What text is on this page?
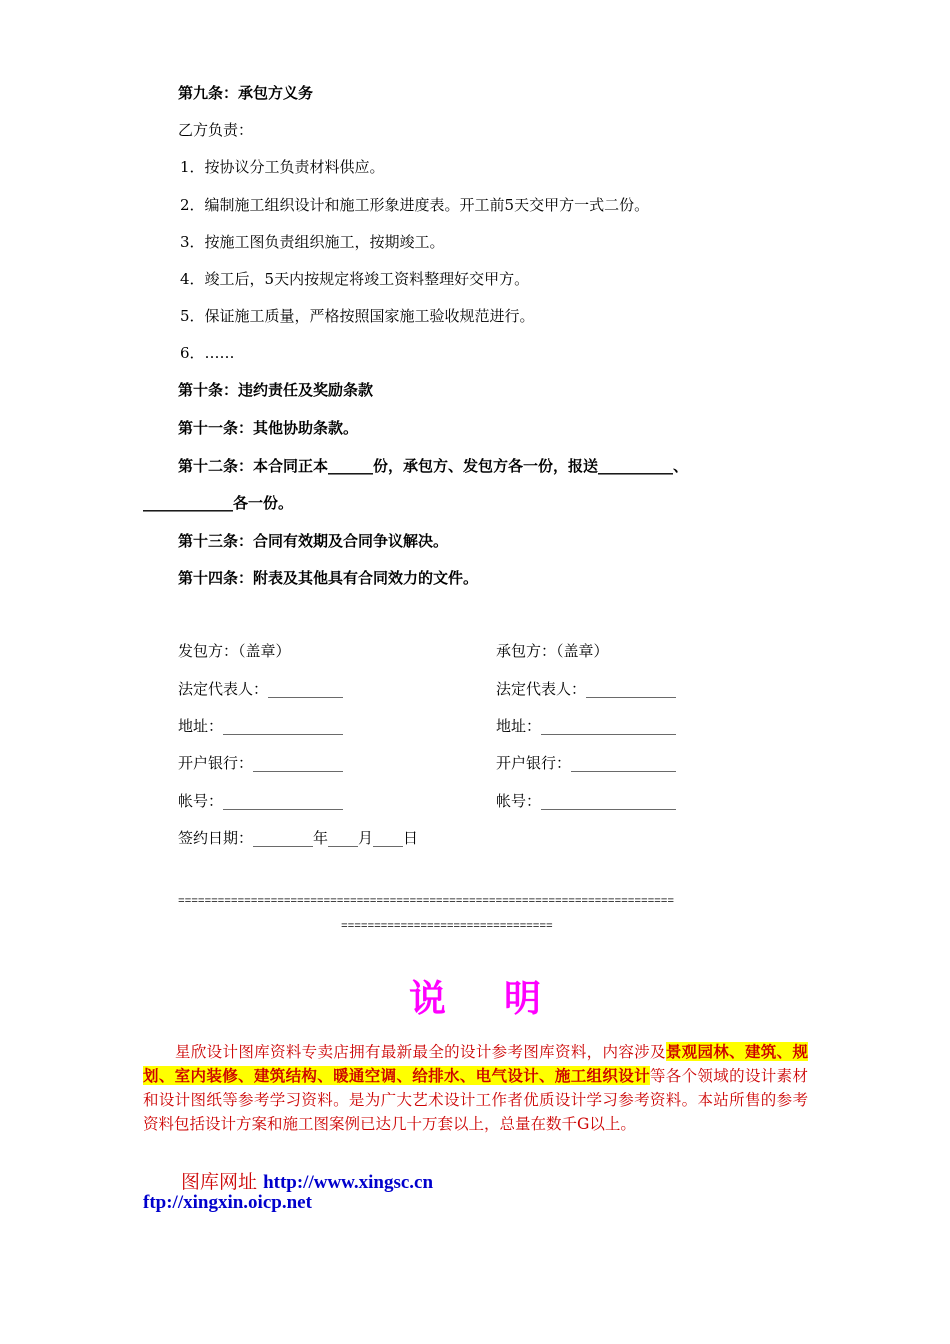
第九条：承包方义务
乙方负责：
1．按协议分工负责材料供应。
2．编制施工组织设计和施工形象进度表。开工前5天交甲方一式二份。
3．按施工图负责组织施工，按期竣工。
4．竣工后，5天内按规定将竣工资料整理好交甲方。
5．保证施工质量，严格按照国家施工验收规范进行。
6．……
第十条：违约责任及奖励条款
第十一条：其他协助条款。
第十二条：本合同正本______份，承包方、发包方各一份，报送__________、
____________各一份。
第十三条：合同有效期及合同争议解决。
第十四条：附表及其他具有合同效力的文件。
发包方：（盖章）
法定代表人：__________
地址：________________
开户银行：____________
帐号：________________
签约日期：________年____月____日
承包方：（盖章）
法定代表人：____________
地址：__________________
开户银行：______________
帐号：__________________
===========================================================================
================================
说明
星欣设计图库资料专卖店拥有最新最全的设计参考图库资料，内容涉及景观园林、建筑、规划、室内装修、建筑结构、暖通空调、给排水、电气设计、施工组织设计等各个领域的设计素材和设计图纸等参考学习资料。是为广大艺术设计工作者优质设计学习参考资料。本站所售的参考资料包括设计方案和施工图案例已达几十万套以上，总量在数千G以上。
图库网址 http://www.xingsc.cn
ftp://xingxin.oicp.net
